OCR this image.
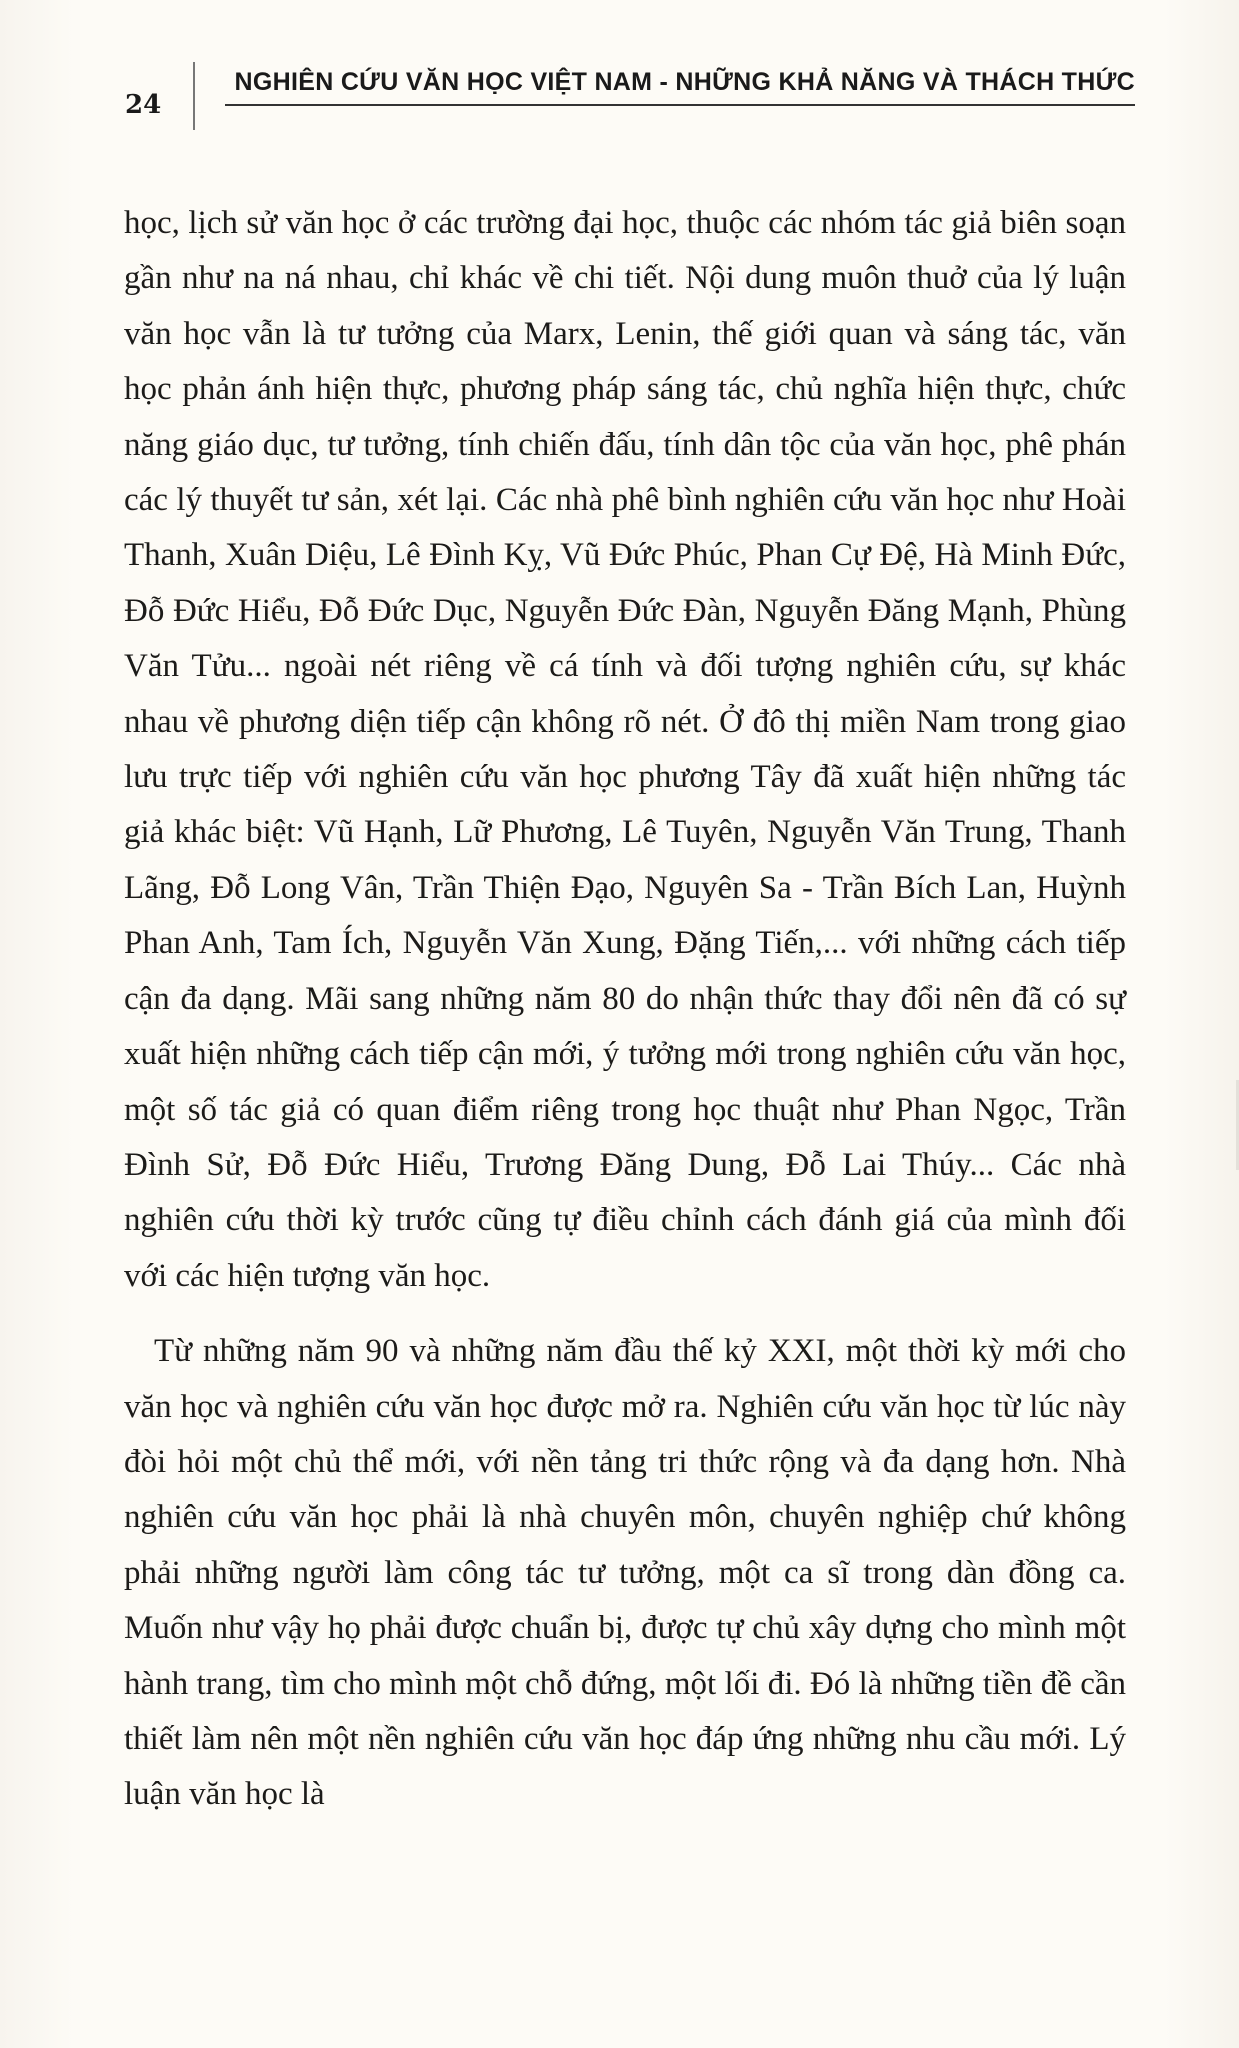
24
NGHIÊN CỨU VĂN HỌC VIỆT NAM - NHỮNG KHẢ NĂNG VÀ THÁCH THỨC

học, lịch sử văn học ở các trường đại học, thuộc các nhóm tác giả biên soạn gần như na ná nhau, chỉ khác về chi tiết. Nội dung muôn thuở của lý luận văn học vẫn là tư tưởng của Marx, Lenin, thế giới quan và sáng tác, văn học phản ánh hiện thực, phương pháp sáng tác, chủ nghĩa hiện thực, chức năng giáo dục, tư tưởng, tính chiến đấu, tính dân tộc của văn học, phê phán các lý thuyết tư sản, xét lại. Các nhà phê bình nghiên cứu văn học như Hoài Thanh, Xuân Diệu, Lê Đình Kỵ, Vũ Đức Phúc, Phan Cự Đệ, Hà Minh Đức, Đỗ Đức Hiểu, Đỗ Đức Dục, Nguyễn Đức Đàn, Nguyễn Đăng Mạnh, Phùng Văn Tửu... ngoài nét riêng về cá tính và đối tượng nghiên cứu, sự khác nhau về phương diện tiếp cận không rõ nét. Ở đô thị miền Nam trong giao lưu trực tiếp với nghiên cứu văn học phương Tây đã xuất hiện những tác giả khác biệt: Vũ Hạnh, Lữ Phương, Lê Tuyên, Nguyễn Văn Trung, Thanh Lãng, Đỗ Long Vân, Trần Thiện Đạo, Nguyên Sa - Trần Bích Lan, Huỳnh Phan Anh, Tam Ích, Nguyễn Văn Xung, Đặng Tiến,... với những cách tiếp cận đa dạng. Mãi sang những năm 80 do nhận thức thay đổi nên đã có sự xuất hiện những cách tiếp cận mới, ý tưởng mới trong nghiên cứu văn học, một số tác giả có quan điểm riêng trong học thuật như Phan Ngọc, Trần Đình Sử, Đỗ Đức Hiểu, Trương Đăng Dung, Đỗ Lai Thúy... Các nhà nghiên cứu thời kỳ trước cũng tự điều chỉnh cách đánh giá của mình đối với các hiện tượng văn học.

Từ những năm 90 và những năm đầu thế kỷ XXI, một thời kỳ mới cho văn học và nghiên cứu văn học được mở ra. Nghiên cứu văn học từ lúc này đòi hỏi một chủ thể mới, với nền tảng tri thức rộng và đa dạng hơn. Nhà nghiên cứu văn học phải là nhà chuyên môn, chuyên nghiệp chứ không phải những người làm công tác tư tưởng, một ca sĩ trong dàn đồng ca. Muốn như vậy họ phải được chuẩn bị, được tự chủ xây dựng cho mình một hành trang, tìm cho mình một chỗ đứng, một lối đi. Đó là những tiền đề cần thiết làm nên một nền nghiên cứu văn học đáp ứng những nhu cầu mới. Lý luận văn học là
